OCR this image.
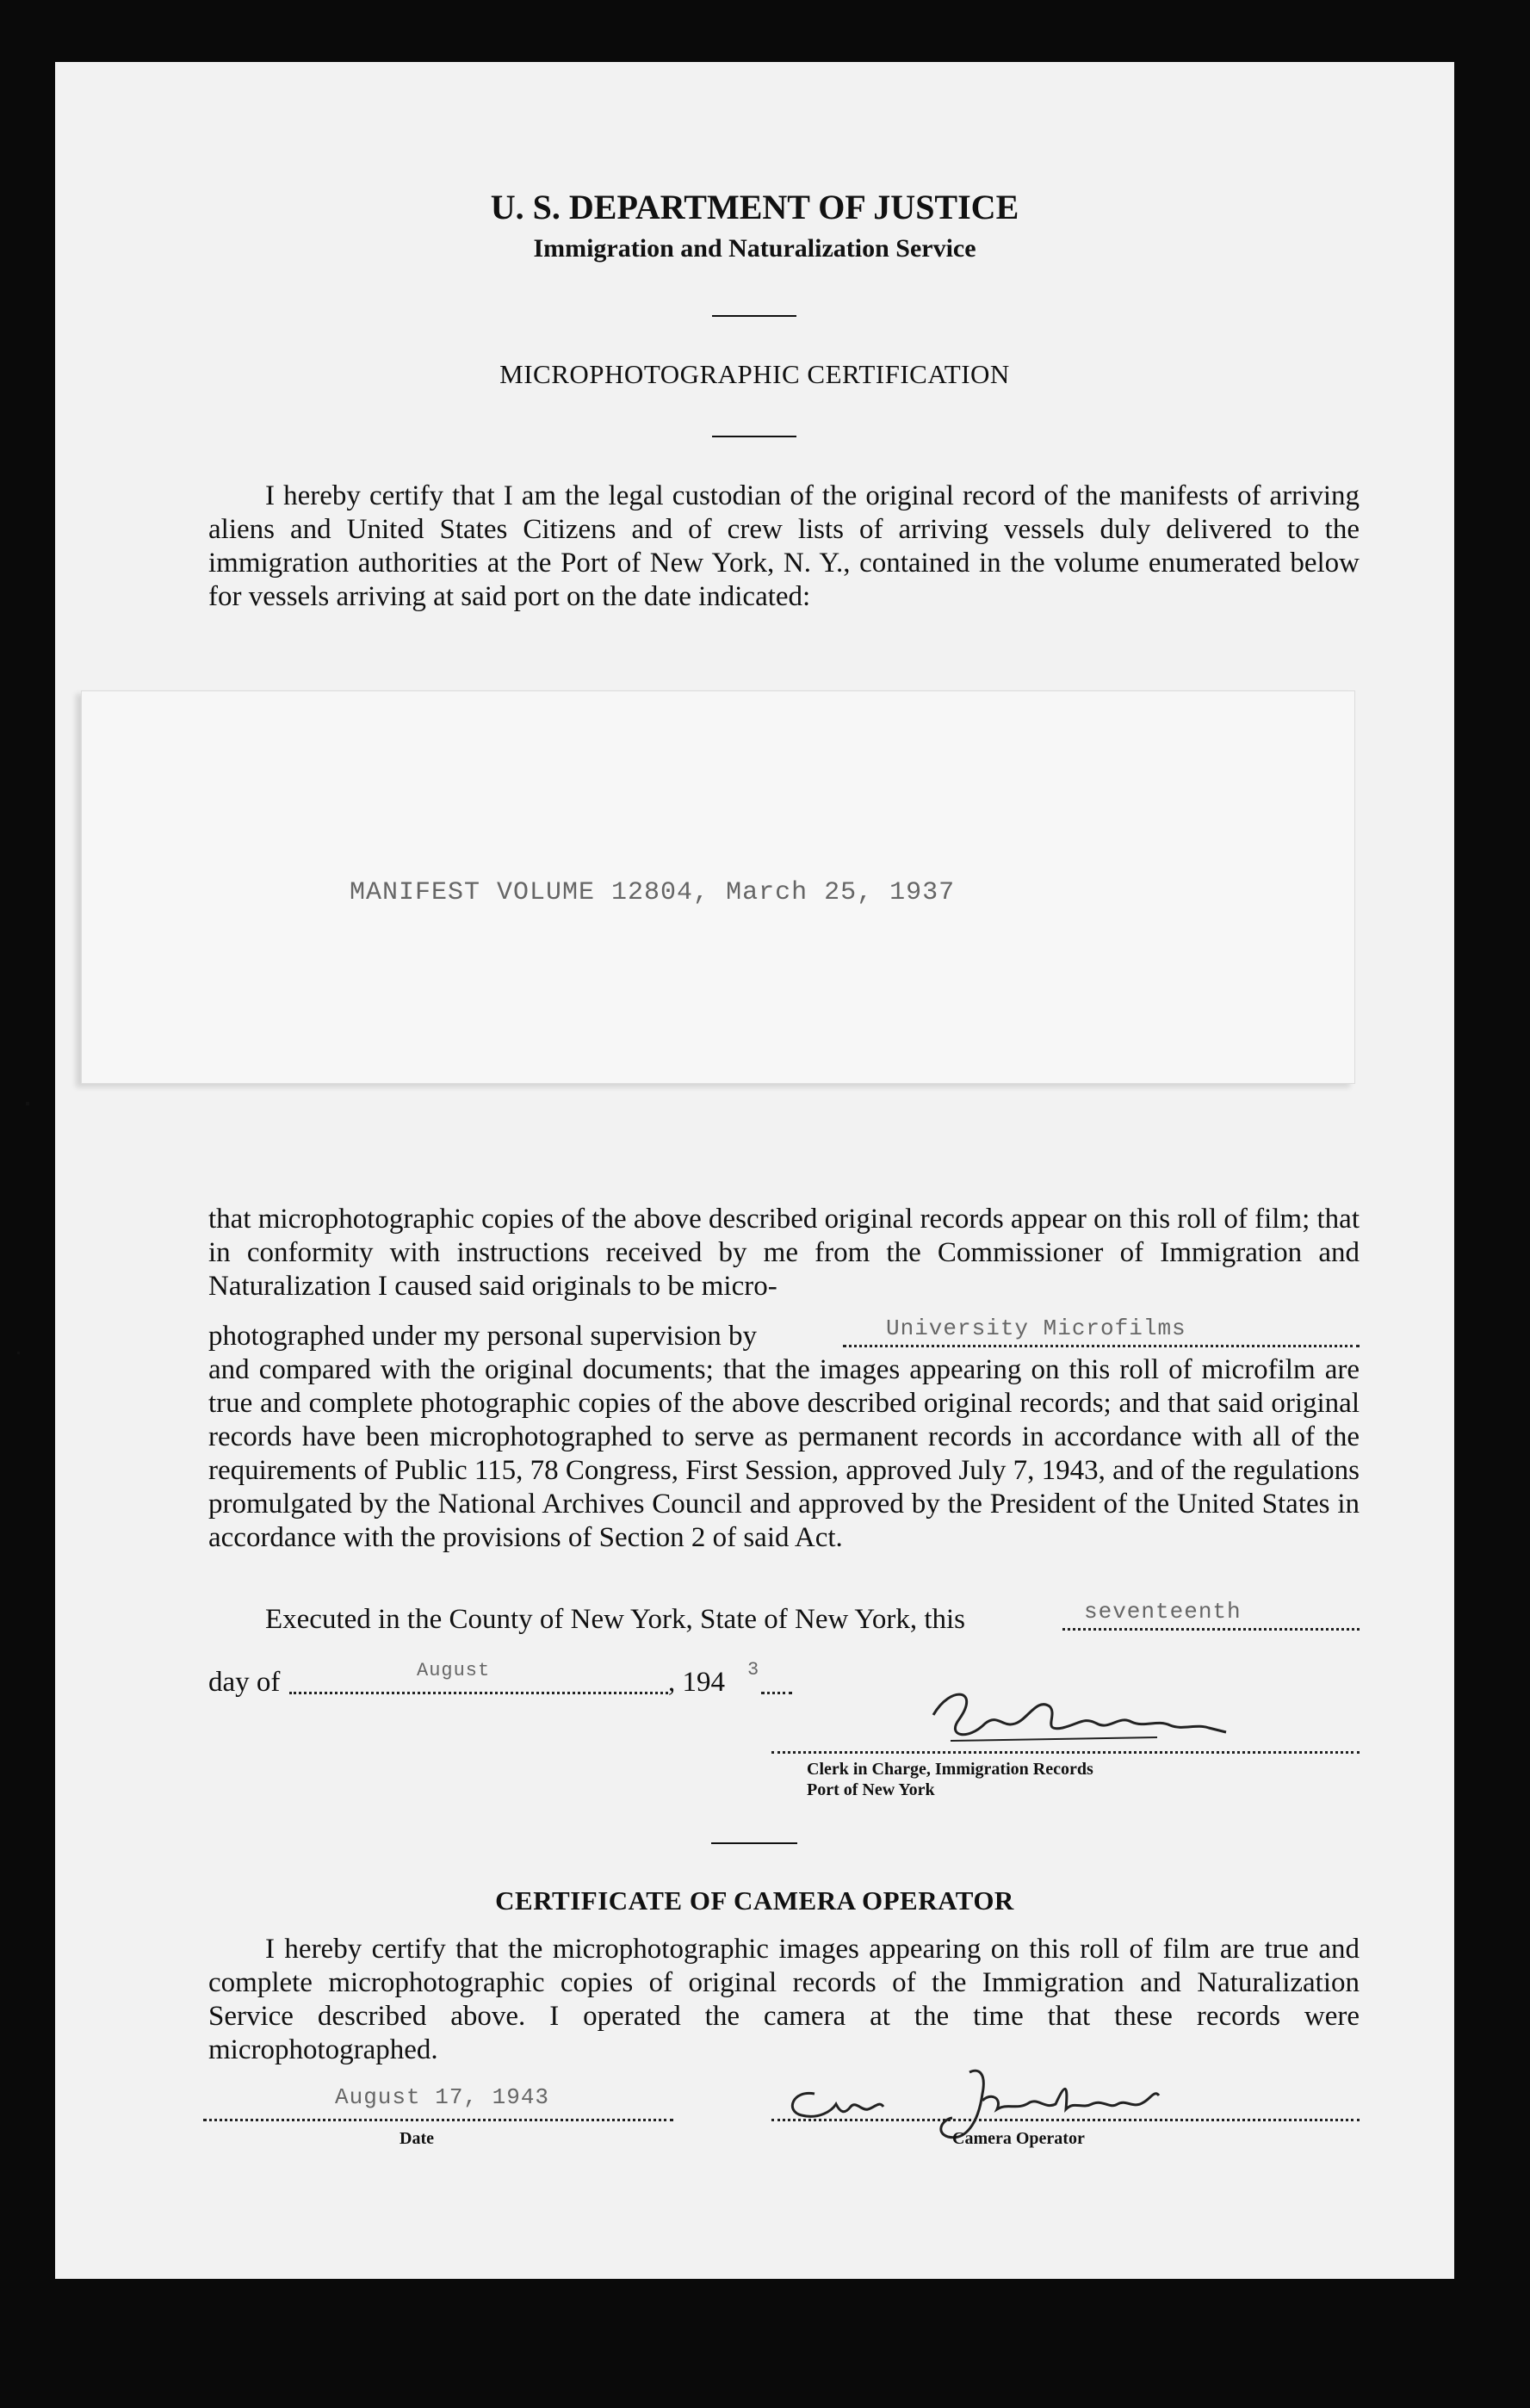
U. S. DEPARTMENT OF JUSTICE
Immigration and Naturalization Service
MICROPHOTOGRAPHIC CERTIFICATION
I hereby certify that I am the legal custodian of the original record of the manifests of arriving aliens and United States Citizens and of crew lists of arriving vessels duly delivered to the immigration authorities at the Port of New York, N. Y., contained in the volume enumerated below for vessels arriving at said port on the date indicated:
MANIFEST VOLUME 12804, March 25, 1937
that microphotographic copies of the above described original records appear on this roll of film; that in conformity with instructions received by me from the Commissioner of Immigration and Naturalization I caused said originals to be micro-
photographed under my personal supervision by	University Microfilms
and compared with the original documents; that the images appearing on this roll of microfilm are true and complete photographic copies of the above described original records; and that said original records have been microphotographed to serve as permanent records in accordance with all of the requirements of Public 115, 78 Congress, First Session, approved July 7, 1943, and of the regulations promulgated by the National Archives Council and approved by the President of the United States in accordance with the provisions of Section 2 of said Act.
Executed in the County of New York, State of New York, this	seventeenth
day of	August	, 194 3
Clerk in Charge, Immigration Records
Port of New York
CERTIFICATE OF CAMERA OPERATOR
I hereby certify that the microphotographic images appearing on this roll of film are true and complete microphotographic copies of original records of the Immigration and Naturalization Service described above. I operated the camera at the time that these records were microphotographed.
August 17, 1943
Date	Camera Operator
